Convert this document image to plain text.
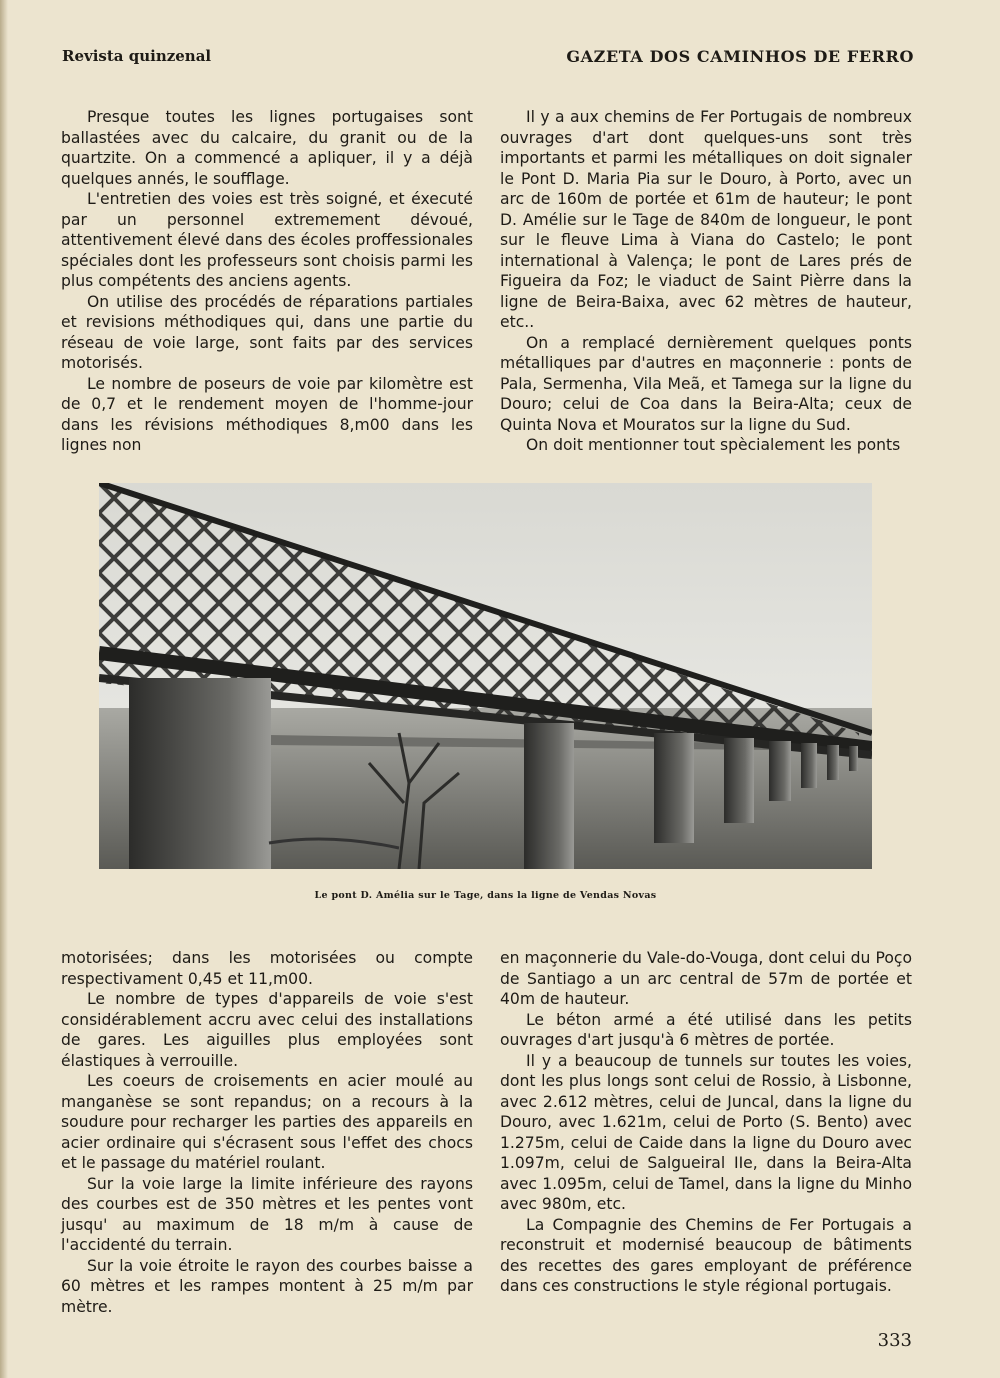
Revista quinzenal	GAZETA DOS CAMINHOS DE FERRO

Presque toutes les lignes portugaises sont ballastées avec du calcaire, du granit ou de la quartzite. On a commencé a apliquer, il y a déjà quelques annés, le soufflage.

L'entretien des voies est très soigné, et éxecuté par un personnel extremement dévoué, attentivement élevé dans des écoles proffessionales spéciales dont les professeurs sont choisis parmi les plus compétents des anciens agents.

On utilise des procédés de réparations partiales et revisions méthodiques qui, dans une partie du réseau de voie large, sont faits par des services motorisés.

Le nombre de poseurs de voie par kilomètre est de 0,7 et le rendement moyen de l'homme-jour dans les révisions méthodiques 8,m00 dans les lignes non

Il y a aux chemins de Fer Portugais de nombreux ouvrages d'art dont quelques-uns sont très importants et parmi les métalliques on doit signaler le Pont D. Maria Pia sur le Douro, à Porto, avec un arc de 160m de portée et 61m de hauteur; le pont D. Amélie sur le Tage de 840m de longueur, le pont sur le fleuve Lima à Viana do Castelo; le pont international à Valença; le pont de Lares prés de Figueira da Foz; le viaduct de Saint Pièrre dans la ligne de Beira-Baixa, avec 62 mètres de hauteur, etc..

On a remplacé dernièrement quelques ponts métalliques par d'autres en maçonnerie : ponts de Pala, Sermenha, Vila Meã, et Tamega sur la ligne du Douro; celui de Coa dans la Beira-Alta; ceux de Quinta Nova et Mouratos sur la ligne du Sud.

On doit mentionner tout spècialement les ponts

Le pont D. Amélia sur le Tage, dans la ligne de Vendas Novas

motorisées; dans les motorisées ou compte respectivament 0,45 et 11,m00.

Le nombre de types d'appareils de voie s'est considérablement accru avec celui des installations de gares. Les aiguilles plus employées sont élastiques à verrouille.

Les coeurs de croisements en acier moulé au manganèse se sont repandus; on a recours à la soudure pour recharger les parties des appareils en acier ordinaire qui s'écrasent sous l'effet des chocs et le passage du matériel roulant.

Sur la voie large la limite inférieure des rayons des courbes est de 350 mètres et les pentes vont jusqu' au maximum de 18 m/m à cause de l'accidenté du terrain.

Sur la voie étroite le rayon des courbes baisse a 60 mètres et les rampes montent à 25 m/m par mètre.

en maçonnerie du Vale-do-Vouga, dont celui du Poço de Santiago a un arc central de 57m de portée et 40m de hauteur.

Le béton armé a été utilisé dans les petits ouvrages d'art jusqu'à 6 mètres de portée.

Il y a beaucoup de tunnels sur toutes les voies, dont les plus longs sont celui de Rossio, à Lisbonne, avec 2.612 mètres, celui de Juncal, dans la ligne du Douro, avec 1.621m, celui de Porto (S. Bento) avec 1.275m, celui de Caide dans la ligne du Douro avec 1.097m, celui de Salgueiral IIe, dans la Beira-Alta avec 1.095m, celui de Tamel, dans la ligne du Minho avec 980m, etc.

La Compagnie des Chemins de Fer Portugais a reconstruit et modernisé beaucoup de bâtiments des recettes des gares employant de préférence dans ces constructions le style régional portugais.

333
